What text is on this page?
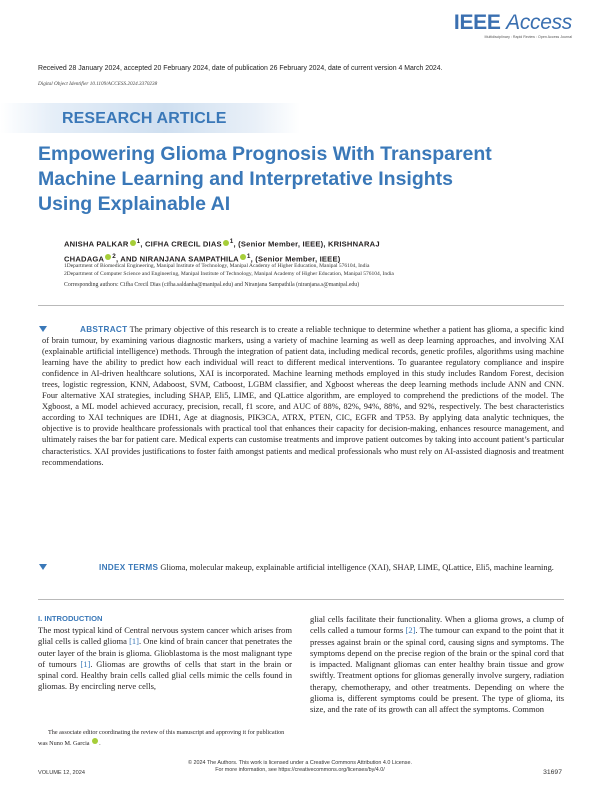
IEEE Access
Multidisciplinary : Rapid Review : Open Access Journal
Received 28 January 2024, accepted 20 February 2024, date of publication 26 February 2024, date of current version 4 March 2024.
Digital Object Identifier 10.1109/ACCESS.2024.3370238
RESEARCH ARTICLE
Empowering Glioma Prognosis With Transparent Machine Learning and Interpretative Insights Using Explainable AI
ANISHA PALKAR $^1$, CIFHA CRECIL DIAS $^1$, (Senior Member, IEEE), KRISHNARAJ
CHADAGA $^2$, AND NIRANJANA SAMPATHILA $^1$, (Senior Member, IEEE)
1Department of Biomedical Engineering, Manipal Institute of Technology, Manipal Academy of Higher Education, Manipal 576104, India
2Department of Computer Science and Engineering, Manipal Institute of Technology, Manipal Academy of Higher Education, Manipal 576104, India
Corresponding authors: Cifha Crecil Dias (cifha.saldanha@manipal.edu) and Niranjana Sampathila (niranjana.s@manipal.edu)
ABSTRACT The primary objective of this research is to create a reliable technique to determine whether a patient has glioma, a specific kind of brain tumour, by examining various diagnostic markers, using a variety of machine learning as well as deep learning approaches, and involving XAI (explainable artificial intelligence) methods. Through the integration of patient data, including medical records, genetic profiles, algorithms using machine learning have the ability to predict how each individual will react to different medical interventions. To guarantee regulatory compliance and inspire confidence in AI-driven healthcare solutions, XAI is incorporated. Machine learning methods employed in this study includes Random Forest, decision trees, logistic regression, KNN, Adaboost, SVM, Catboost, LGBM classifier, and Xgboost whereas the deep learning methods include ANN and CNN. Four alternative XAI strategies, including SHAP, Eli5, LIME, and QLattice algorithm, are employed to comprehend the predictions of the model. The Xgboost, a ML model achieved accuracy, precision, recall, f1 score, and AUC of 88%, 82%, 94%, 88%, and 92%, respectively. The best characteristics according to XAI techniques are IDH1, Age at diagnosis, PIK3CA, ATRX, PTEN, CIC, EGFR and TP53. By applying data analytic techniques, the objective is to provide healthcare professionals with practical tool that enhances their capacity for decision-making, enhances resource management, and ultimately raises the bar for patient care. Medical experts can customise treatments and improve patient outcomes by taking into account patient’s particular characteristics. XAI provides justifications to foster faith amongst patients and medical professionals who must rely on AI-assisted diagnosis and treatment recommendations.
INDEX TERMS Glioma, molecular makeup, explainable artificial intelligence (XAI), SHAP, LIME, QLattice, Eli5, machine learning.
I. INTRODUCTION
The most typical kind of Central nervous system cancer which arises from glial cells is called glioma [1]. One kind of brain cancer that penetrates the outer layer of the brain is glioma. Glioblastoma is the most malignant type of tumours [1]. Gliomas are growths of cells that start in the brain or spinal cord. Healthy brain cells called glial cells mimic the cells found in gliomas. By encircling nerve cells,
The associate editor coordinating the review of this manuscript and approving it for publication was Nuno M. Garcia .
glial cells facilitate their functionality. When a glioma grows, a clump of cells called a tumour forms [2]. The tumour can expand to the point that it presses against brain or the spinal cord, causing signs and symptoms. The symptoms depend on the precise region of the brain or the spinal cord that is impacted. Malignant gliomas can enter healthy brain tissue and grow swiftly. Treatment options for gliomas generally involve surgery, radiation therapy, chemotherapy, and other treatments. Depending on where the glioma is, different symptoms could be present. The type of glioma, its size, and the rate of its growth can all affect the symptoms. Common
© 2024 The Authors. This work is licensed under a Creative Commons Attribution 4.0 License.
For more information, see https://creativecommons.org/licenses/by/4.0/
VOLUME 12, 2024	31697
